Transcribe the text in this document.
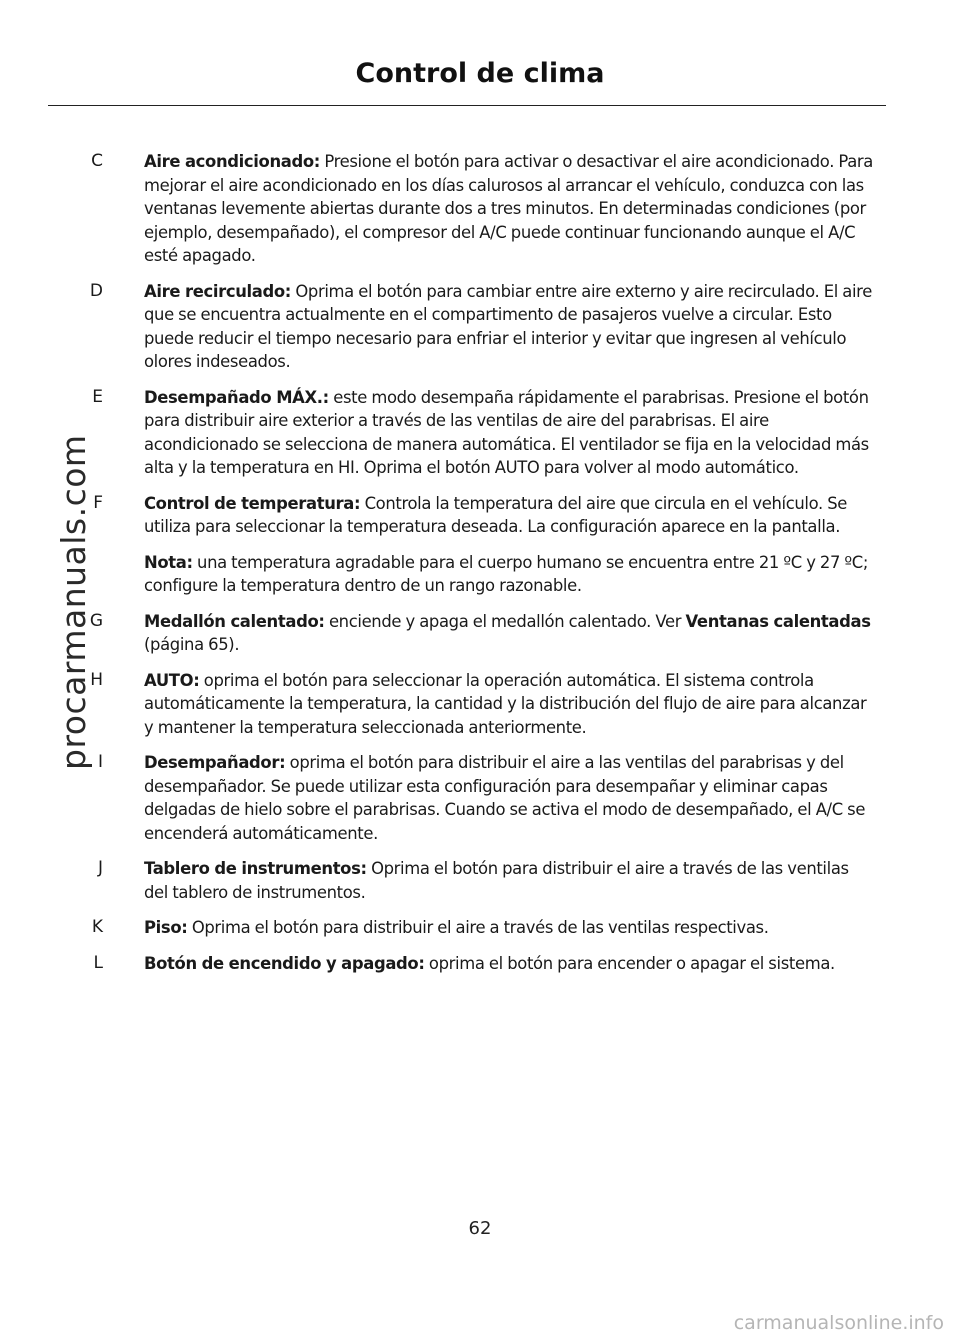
Control de clima
procarmanuals.com
C	Aire acondicionado: Presione el botón para activar o desactivar el aire acondicionado. Para mejorar el aire acondicionado en los días calurosos al arrancar el vehículo, conduzca con las ventanas levemente abiertas durante dos a tres minutos. En determinadas condiciones (por ejemplo, desempañado), el compresor del A/C puede continuar funcionando aunque el A/C esté apagado.
D	Aire recirculado: Oprima el botón para cambiar entre aire externo y aire recirculado. El aire que se encuentra actualmente en el compartimento de pasajeros vuelve a circular. Esto puede reducir el tiempo necesario para enfriar el interior y evitar que ingresen al vehículo olores indeseados.
E	Desempañado MÁX.: este modo desempaña rápidamente el parabrisas. Presione el botón para distribuir aire exterior a través de las ventilas de aire del parabrisas. El aire acondicionado se selecciona de manera automática. El ventilador se fija en la velocidad más alta y la temperatura en HI. Oprima el botón AUTO para volver al modo automático.
F	Control de temperatura: Controla la temperatura del aire que circula en el vehículo. Se utiliza para seleccionar la temperatura deseada. La configuración aparece en la pantalla.
Nota: una temperatura agradable para el cuerpo humano se encuentra entre 21 ºC y 27 ºC; configure la temperatura dentro de un rango razonable.
G	Medallón calentado: enciende y apaga el medallón calentado. Ver Ventanas calentadas (página 65).
H	AUTO: oprima el botón para seleccionar la operación automática. El sistema controla automáticamente la temperatura, la cantidad y la distribución del flujo de aire para alcanzar y mantener la temperatura seleccionada anteriormente.
I	Desempañador: oprima el botón para distribuir el aire a las ventilas del parabrisas y del desempañador. Se puede utilizar esta configuración para desempañar y eliminar capas delgadas de hielo sobre el parabrisas. Cuando se activa el modo de desempañado, el A/C se encenderá automáticamente.
J	Tablero de instrumentos: Oprima el botón para distribuir el aire a través de las ventilas del tablero de instrumentos.
K	Piso: Oprima el botón para distribuir el aire a través de las ventilas respectivas.
L	Botón de encendido y apagado: oprima el botón para encender o apagar el sistema.
62
carmanualsonline.info
